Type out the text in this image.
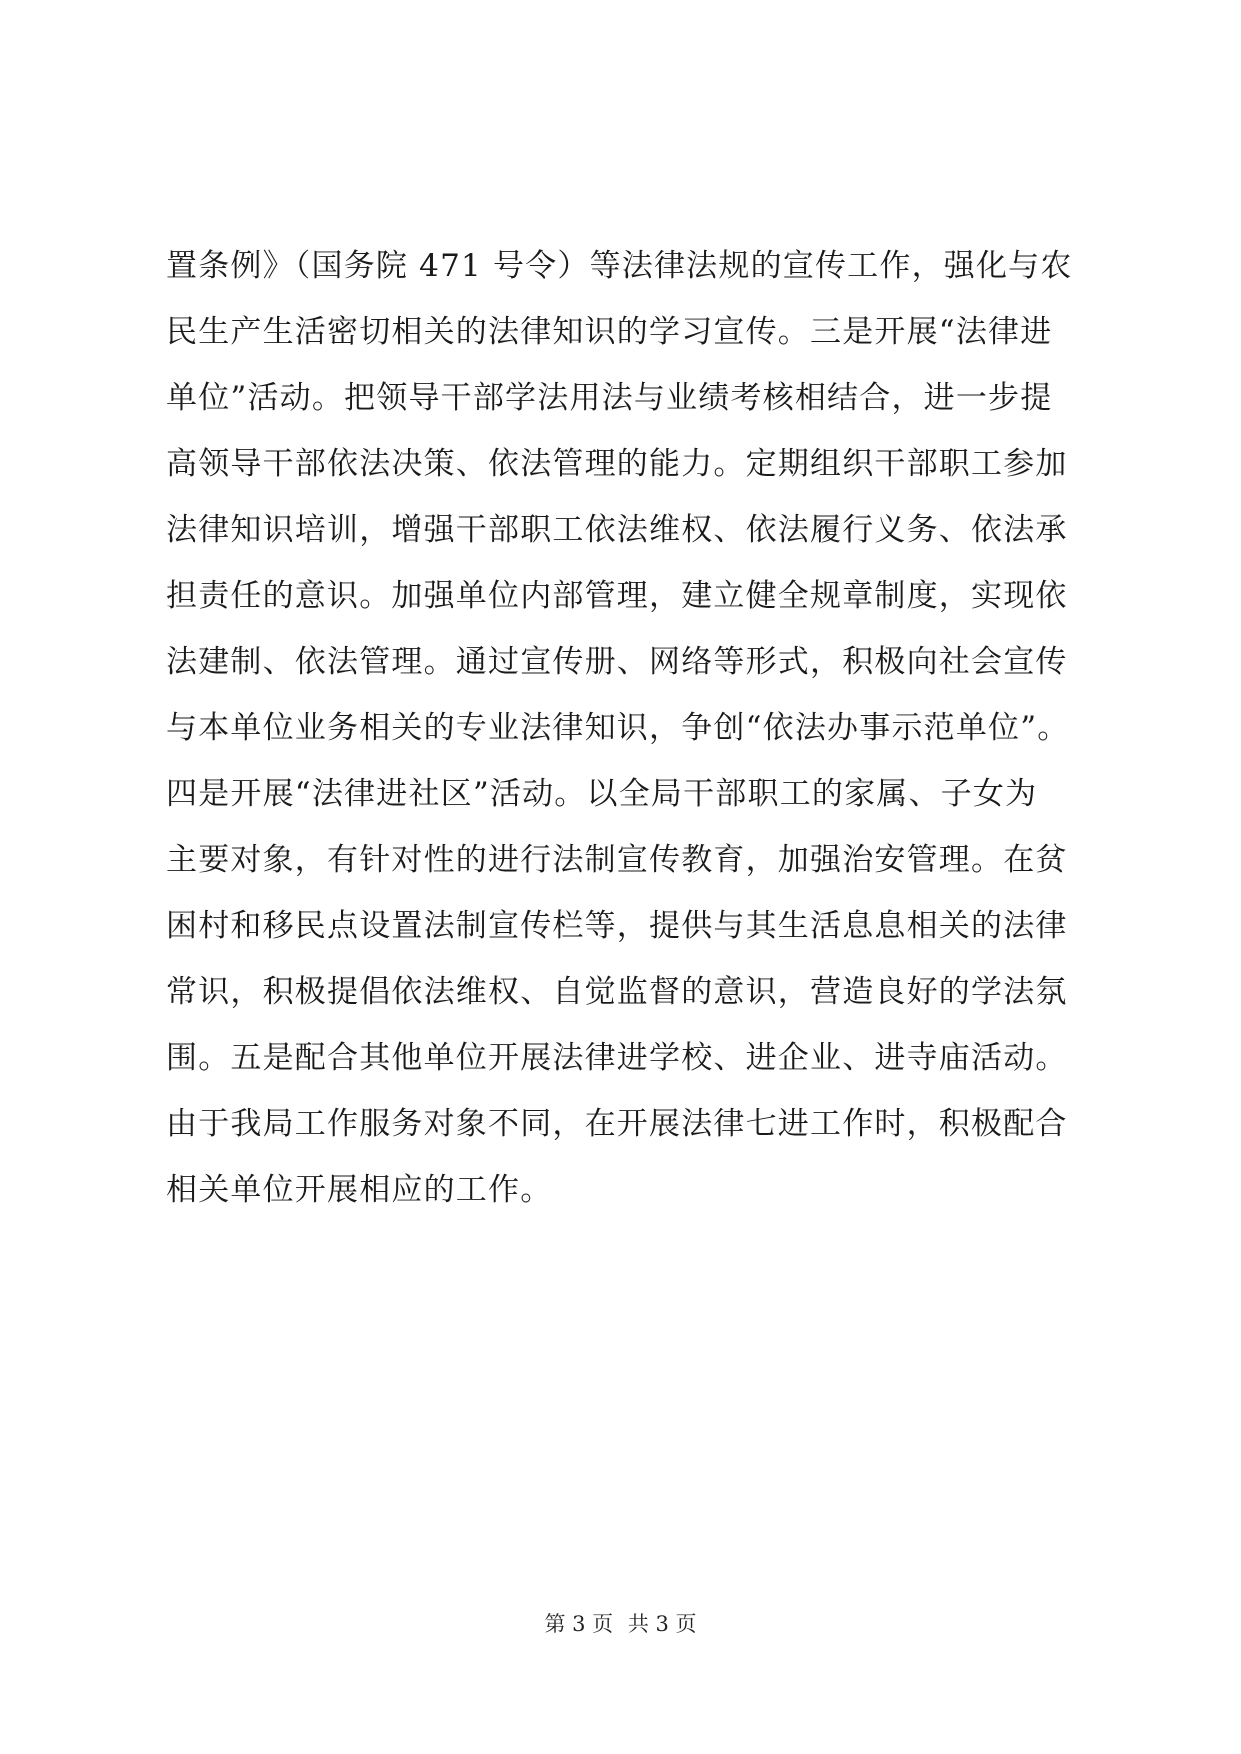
置条例》（国务院 471 号令）等法律法规的宣传工作，强化与农
民生产生活密切相关的法律知识的学习宣传。三是开展“法律进
单位”活动。把领导干部学法用法与业绩考核相结合，进一步提
高领导干部依法决策、依法管理的能力。定期组织干部职工参加
法律知识培训，增强干部职工依法维权、依法履行义务、依法承
担责任的意识。加强单位内部管理，建立健全规章制度，实现依
法建制、依法管理。通过宣传册、网络等形式，积极向社会宣传
与本单位业务相关的专业法律知识，争创“依法办事示范单位”。
四是开展“法律进社区”活动。以全局干部职工的家属、子女为
主要对象，有针对性的进行法制宣传教育，加强治安管理。在贫
困村和移民点设置法制宣传栏等，提供与其生活息息相关的法律
常识，积极提倡依法维权、自觉监督的意识，营造良好的学法氛
围。五是配合其他单位开展法律进学校、进企业、进寺庙活动。
由于我局工作服务对象不同，在开展法律七进工作时，积极配合
相关单位开展相应的工作。
第 3 页 共 3 页
